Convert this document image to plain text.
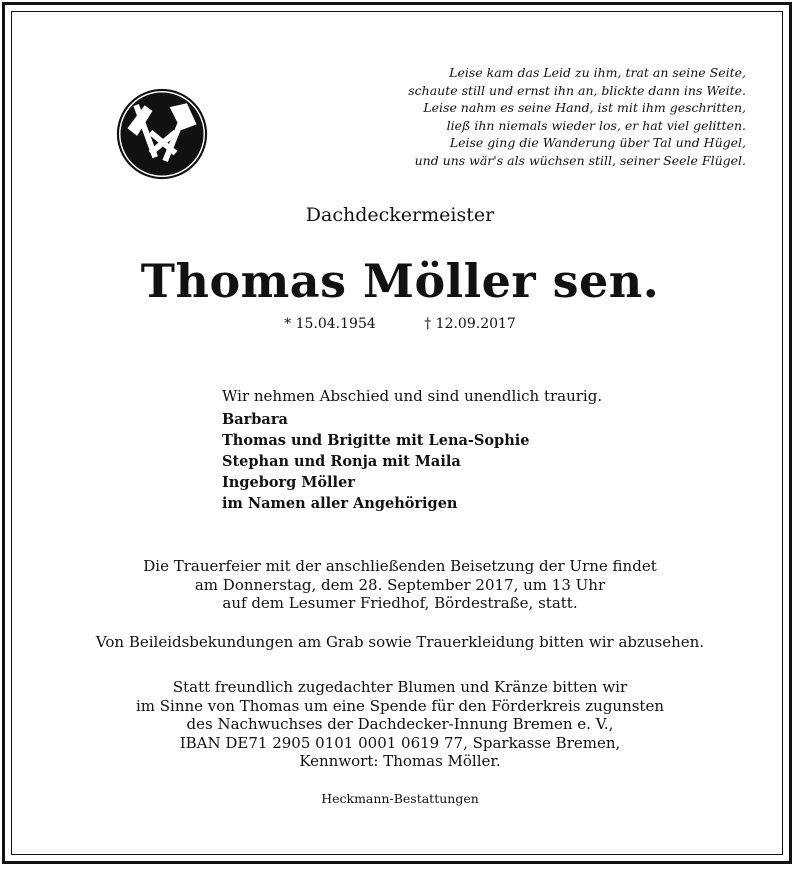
Leise kam das Leid zu ihm, trat an seine Seite,
schaute still und ernst ihn an, blickte dann ins Weite.
Leise nahm es seine Hand, ist mit ihm geschritten,
ließ ihn niemals wieder los, er hat viel gelitten.
Leise ging die Wanderung über Tal und Hügel,
und uns wär's als wüchsen still, seiner Seele Flügel.
Dachdeckermeister
Thomas Möller sen.
* 15.04.1954	† 12.09.2017
Wir nehmen Abschied und sind unendlich traurig.
Barbara
Thomas und Brigitte mit Lena-Sophie
Stephan und Ronja mit Maila
Ingeborg Möller
im Namen aller Angehörigen
Die Trauerfeier mit der anschließenden Beisetzung der Urne findet
am Donnerstag, dem 28. September 2017, um 13 Uhr
auf dem Lesumer Friedhof, Bördestraße, statt.
Von Beileidsbekundungen am Grab sowie Trauerkleidung bitten wir abzusehen.
Statt freundlich zugedachter Blumen und Kränze bitten wir
im Sinne von Thomas um eine Spende für den Förderkreis zugunsten
des Nachwuchses der Dachdecker-Innung Bremen e. V.,
IBAN DE71 2905 0101 0001 0619 77, Sparkasse Bremen,
Kennwort: Thomas Möller.
Heckmann-Bestattungen
